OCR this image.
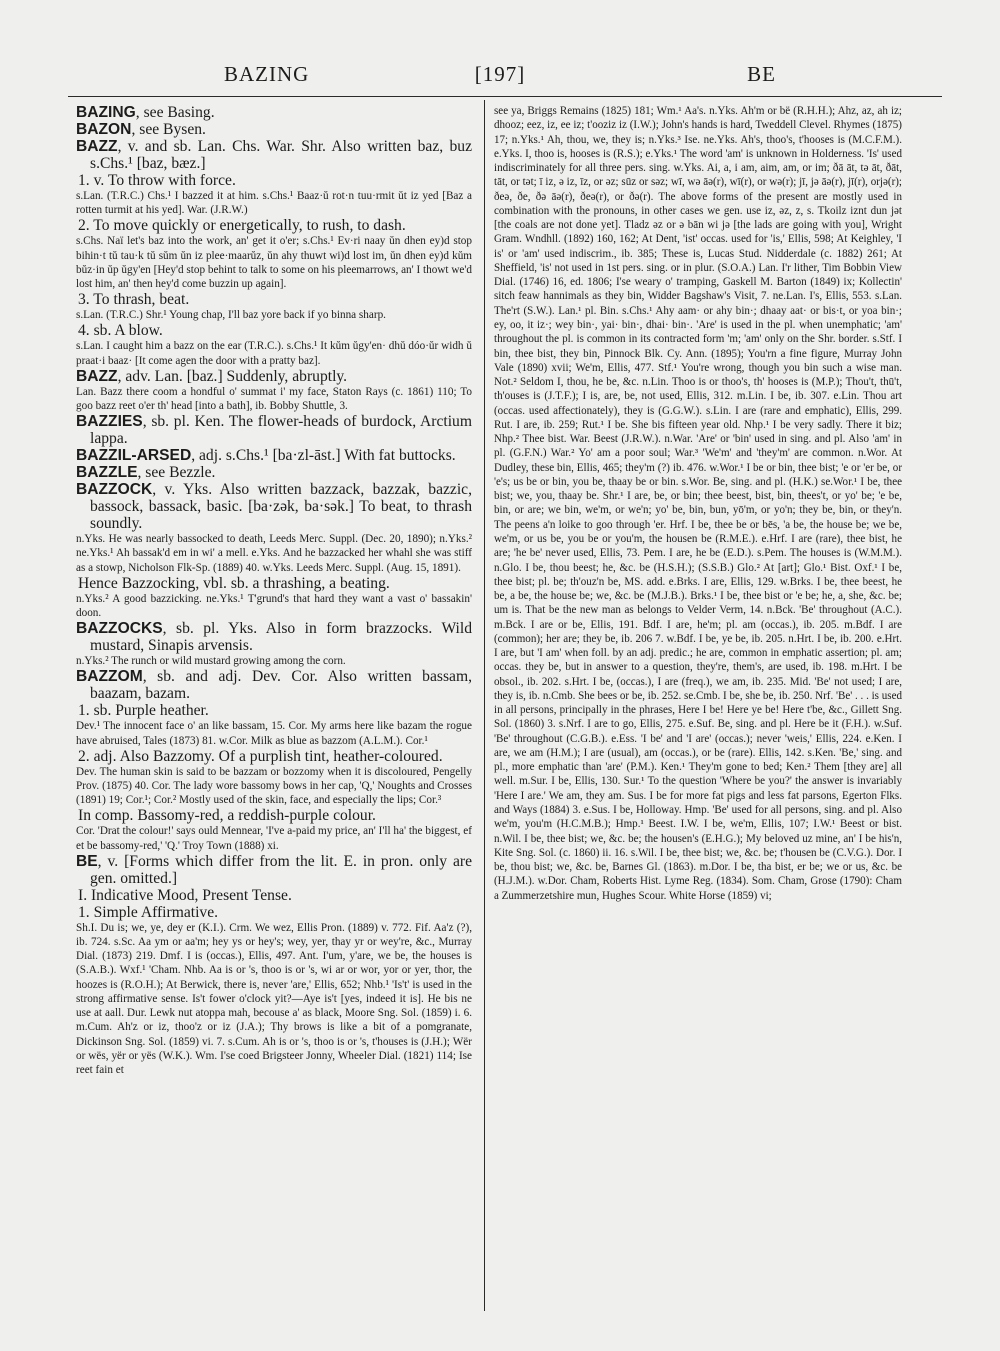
BAZING	[197]	BE

BAZING, see Basing.

BAZON, see Bysen.

BAZZ, v. and sb. Lan. Chs. War. Shr. Also written baz, buz s.Chs.¹ [baz, bæz.]

1. v. To throw with force.

s.Lan. (T.R.C.) Chs.¹ I bazzed it at him. s.Chs.¹ Baaz·ŭ rot·n tuu·rmit ŭt iz yed [Baz a rotten turmit at his yed]. War. (J.R.W.)

2. To move quickly or energetically, to rush, to dash.

s.Chs. Naï let's baz into the work, an' get it o'er; s.Chs.¹ Ev·ri naay ŭn dhen ey)d stop bihin·t tŭ tau·k tŭ sŭm ŭn iz plee·maarŭz, ŭn ahy thuwt wi)d lost im, ŭn dhen ey)d kŭm bŭz·in ŭp ŭgy'en [Hey'd stop behint to talk to some on his pleemarrows, an' I thowt we'd lost him, an' then hey'd come buzzin up again].

3. To thrash, beat.

s.Lan. (T.R.C.) Shr.¹ Young chap, I'll baz yore back if yo binna sharp.

4. sb. A blow.

s.Lan. I caught him a bazz on the ear (T.R.C.). s.Chs.¹ It kŭm ŭgy'en· dhŭ dóo·ŭr widh ŭ praat·i baaz· [It come agen the door with a pratty baz].

BAZZ, adv. Lan. [baz.] Suddenly, abruptly.

Lan. Bazz there coom a hondful o' summat i' my face, Staton Rays (c. 1861) 110; To goo bazz reet o'er th' head [into a bath], ib. Bobby Shuttle, 3.

BAZZIES, sb. pl. Ken. The flower-heads of burdock, Arctium lappa.

BAZZIL-ARSED, adj. s.Chs.¹ [ba·zl-āst.] With fat buttocks.

BAZZLE, see Bezzle.

BAZZOCK, v. Yks. Also written bazzack, bazzak, bazzic, bassock, bassack, basic. [ba·zək, ba·sək.] To beat, to thrash soundly.

n.Yks. He was nearly bassocked to death, Leeds Merc. Suppl. (Dec. 20, 1890); n.Yks.² ne.Yks.¹ Ah bassak'd em in wi' a mell. e.Yks. And he bazzacked her whahl she was stiff as a stowp, Nicholson Flk-Sp. (1889) 40. w.Yks. Leeds Merc. Suppl. (Aug. 15, 1891).

Hence Bazzocking, vbl. sb. a thrashing, a beating.

n.Yks.² A good bazzicking. ne.Yks.¹ T'grund's that hard they want a vast o' bassakin' doon.

BAZZOCKS, sb. pl. Yks. Also in form brazzocks. Wild mustard, Sinapis arvensis.

n.Yks.² The runch or wild mustard growing among the corn.

BAZZOM, sb. and adj. Dev. Cor. Also written bassam, baazam, bazam.

1. sb. Purple heather.

Dev.¹ The innocent face o' an like bassam, 15. Cor. My arms here like bazam the rogue have abruised, Tales (1873) 81. w.Cor. Milk as blue as bazzom (A.L.M.). Cor.¹

2. adj. Also Bazzomy. Of a purplish tint, heather-coloured.

Dev. The human skin is said to be bazzam or bozzomy when it is discoloured, Pengelly Prov. (1875) 40. Cor. The lady wore bassomy bows in her cap, 'Q,' Noughts and Crosses (1891) 19; Cor.¹; Cor.² Mostly used of the skin, face, and especially the lips; Cor.³

In comp. Bassomy-red, a reddish-purple colour.

Cor. 'Drat the colour!' says ould Mennear, 'I've a-paid my price, an' I'll ha' the biggest, ef et be bassomy-red,' 'Q.' Troy Town (1888) xi.

BE, v. [Forms which differ from the lit. E. in pron. only are gen. omitted.]

I. Indicative Mood, Present Tense.

1. Simple Affirmative.

Sh.I. Du is; we, ye, dey er (K.I.). Crm. We wez, Ellis Pron. (1889) v. 772. Fif. Aa'z (?), ib. 724. s.Sc. Aa ym or aa'm; hey ys or hey's; wey, yer, thay yr or wey're, &c., Murray Dial. (1873) 219. Dmf. I is (occas.), Ellis, 497. Ant. I'um, y'are, we be, the houses is (S.A.B.). Wxf.¹ 'Cham. Nhb. Aa is or 's, thoo is or 's, wi ar or wor, yor or yer, thor, the hoozes is (R.O.H.); At Berwick, there is, never 'are,' Ellis, 652; Nhb.¹ 'Is't' is used in the strong affirmative sense. Is't fower o'clock yit?—Aye is't [yes, indeed it is]. He bis ne use at aall. Dur. Lewk nut atoppa mah, becouse a' as black, Moore Sng. Sol. (1859) i. 6. m.Cum. Ah'z or iz, thoo'z or iz (J.A.); Thy brows is like a bit of a pomgranate, Dickinson Sng. Sol. (1859) vi. 7. s.Cum. Ah is or 's, thoo is or 's, t'houses is (J.H.); Wër or wës, yër or yës (W.K.). Wm. I'se coed Brigsteer Jonny, Wheeler Dial. (1821) 114; Ise reet fain et

see ya, Briggs Remains (1825) 181; Wm.¹ Aa's. n.Yks. Ah'm or bë (R.H.H.); Ahz, az, ah iz; dhooz; eez, iz, ee iz; t'ooziz iz (I.W.); John's hands is hard, Tweddell Clevel. Rhymes (1875) 17; n.Yks.¹ Ah, thou, we, they is; n.Yks.³ Ise. ne.Yks. Ah's, thoo's, t'hooses is (M.C.F.M.). e.Yks. I, thoo is, hooses is (R.S.); e.Yks.¹ The word 'am' is unknown in Holderness. 'Is' used indiscriminately for all three pers. sing. w.Yks. Ai, a, i am, aim, am, or im; ðā āt, tə āt, ðāt, tāt, or tət; ī iz, ə iz, īz, or əz; sūz or səz; wī, wə āə(r), wī(r), or wə(r); jī, jə āə(r), jī(r), orjə(r); ðeə, ðe, ðə āə(r), ðeə(r), or ðə(r). The above forms of the present are mostly used in combination with the pronouns, in other cases we gen. use iz, əz, z, s. Tkoilz iznt dun jət [the coals are not done yet]. Tladz əz or ə bān wi jə [the lads are going with you], Wright Gram. Wndhll. (1892) 160, 162; At Dent, 'ist' occas. used for 'is,' Ellis, 598; At Keighley, 'I is' or 'am' used indiscrim., ib. 385; These is, Lucas Stud. Nidderdale (c. 1882) 261; At Sheffield, 'is' not used in 1st pers. sing. or in plur. (S.O.A.) Lan. I'r lither, Tim Bobbin View Dial. (1746) 16, ed. 1806; I'se weary o' tramping, Gaskell M. Barton (1849) ix; Kollectin' sitch feaw hannimals as they bin, Widder Bagshaw's Visit, 7. ne.Lan. I's, Ellis, 553. s.Lan. The'rt (S.W.). Lan.¹ pl. Bin. s.Chs.¹ Ahy aam· or ahy bin·; dhaay aat· or bis·t, or yoa bin·; ey, oo, it iz·; wey bin·, yai· bin·, dhai· bin·. 'Are' is used in the pl. when unemphatic; 'am' throughout the pl. is common in its contracted form 'm; 'am' only on the Shr. border. s.Stf. I bin, thee bist, they bin, Pinnock Blk. Cy. Ann. (1895); You'rn a fine figure, Murray John Vale (1890) xvii; We'm, Ellis, 477. Stf.¹ You're wrong, though you bin such a wise man. Not.² Seldom I, thou, he be, &c. n.Lin. Thoo is or thoo's, th' hooses is (M.P.); Thou't, thū't, th'ouses is (J.T.F.); I is, are, be, not used, Ellis, 312. m.Lin. I be, ib. 307. e.Lin. Thou art (occas. used affectionately), they is (G.G.W.). s.Lin. I are (rare and emphatic), Ellis, 299. Rut. I are, ib. 259; Rut.¹ I be. She bis fifteen year old. Nhp.¹ I be very sadly. There it biz; Nhp.² Thee bist. War. Beest (J.R.W.). n.War. 'Are' or 'bin' used in sing. and pl. Also 'am' in pl. (G.F.N.) War.² Yo' am a poor soul; War.³ 'We'm' and 'they'm' are common. n.Wor. At Dudley, these bin, Ellis, 465; they'm (?) ib. 476. w.Wor.¹ I be or bin, thee bist; 'e or 'er be, or 'e's; us be or bin, you be, thaay be or bin. s.Wor. Be, sing. and pl. (H.K.) se.Wor.¹ I be, thee bist; we, you, thaay be. Shr.¹ I are, be, or bin; thee beest, bist, bin, thees't, or yo' be; 'e be, bin, or are; we bin, we'm, or we'n; yo' be, bin, bun, yō'm, or yo'n; they be, bin, or they'n. The peens a'n loike to goo through 'er. Hrf. I be, thee be or bēs, 'a be, the house be; we be, we'm, or us be, you be or you'm, the housen be (R.M.E.). e.Hrf. I are (rare), thee bist, he are; 'he be' never used, Ellis, 73. Pem. I are, he be (E.D.). s.Pem. The houses is (W.M.M.). n.Glo. I be, thou beest; he, &c. be (H.S.H.); (S.S.B.) Glo.² At [art]; Glo.¹ Bist. Oxf.¹ I be, thee bist; pl. be; th'ouz'n be, MS. add. e.Brks. I are, Ellis, 129. w.Brks. I be, thee beest, he be, a be, the house be; we, &c. be (M.J.B.). Brks.¹ I be, thee bist or 'e be; he, a, she, &c. be; um is. That be the new man as belongs to Velder Verm, 14. n.Bck. 'Be' throughout (A.C.). m.Bck. I are or be, Ellis, 191. Bdf. I are, he'm; pl. am (occas.), ib. 205. m.Bdf. I are (common); her are; they be, ib. 206 7. w.Bdf. I be, ye be, ib. 205. n.Hrt. I be, ib. 200. e.Hrt. I are, but 'I am' when foll. by an adj. predic.; he are, common in emphatic assertion; pl. am; occas. they be, but in answer to a question, they're, them's, are used, ib. 198. m.Hrt. I be obsol., ib. 202. s.Hrt. I be, (occas.), I are (freq.), we am, ib. 235. Mid. 'Be' not used; I are, they is, ib. n.Cmb. She bees or be, ib. 252. se.Cmb. I be, she be, ib. 250. Nrf. 'Be' . . . is used in all persons, principally in the phrases, Here I be! Here ye be! Here t'be, &c., Gillett Sng. Sol. (1860) 3. s.Nrf. I are to go, Ellis, 275. e.Suf. Be, sing. and pl. Here be it (F.H.). w.Suf. 'Be' throughout (C.G.B.). e.Ess. 'I be' and 'I are' (occas.); never 'weis,' Ellis, 224. e.Ken. I are, we am (H.M.); I are (usual), am (occas.), or be (rare). Ellis, 142. s.Ken. 'Be,' sing. and pl., more emphatic than 'are' (P.M.). Ken.¹ They'm gone to bed; Ken.² Them [they are] all well. m.Sur. I be, Ellis, 130. Sur.¹ To the question 'Where be you?' the answer is invariably 'Here I are.' We am, they am. Sus. I be for more fat pigs and less fat parsons, Egerton Flks. and Ways (1884) 3. e.Sus. I be, Holloway. Hmp. 'Be' used for all persons, sing. and pl. Also we'm, you'm (H.C.M.B.); Hmp.¹ Beest. I.W. I be, we'm, Ellis, 107; I.W.¹ Beest or bist. n.Wil. I be, thee bist; we, &c. be; the housen's (E.H.G.); My beloved uz mine, an' I be his'n, Kite Sng. Sol. (c. 1860) ii. 16. s.Wil. I be, thee bist; we, &c. be; t'housen be (C.V.G.). Dor. I be, thou bist; we, &c. be, Barnes Gl. (1863). m.Dor. I be, tha bist, er be; we or us, &c. be (H.J.M.). w.Dor. Cham, Roberts Hist. Lyme Reg. (1834). Som. Cham, Grose (1790): Cham a Zummerzetshire mun, Hughes Scour. White Horse (1859) vi;
